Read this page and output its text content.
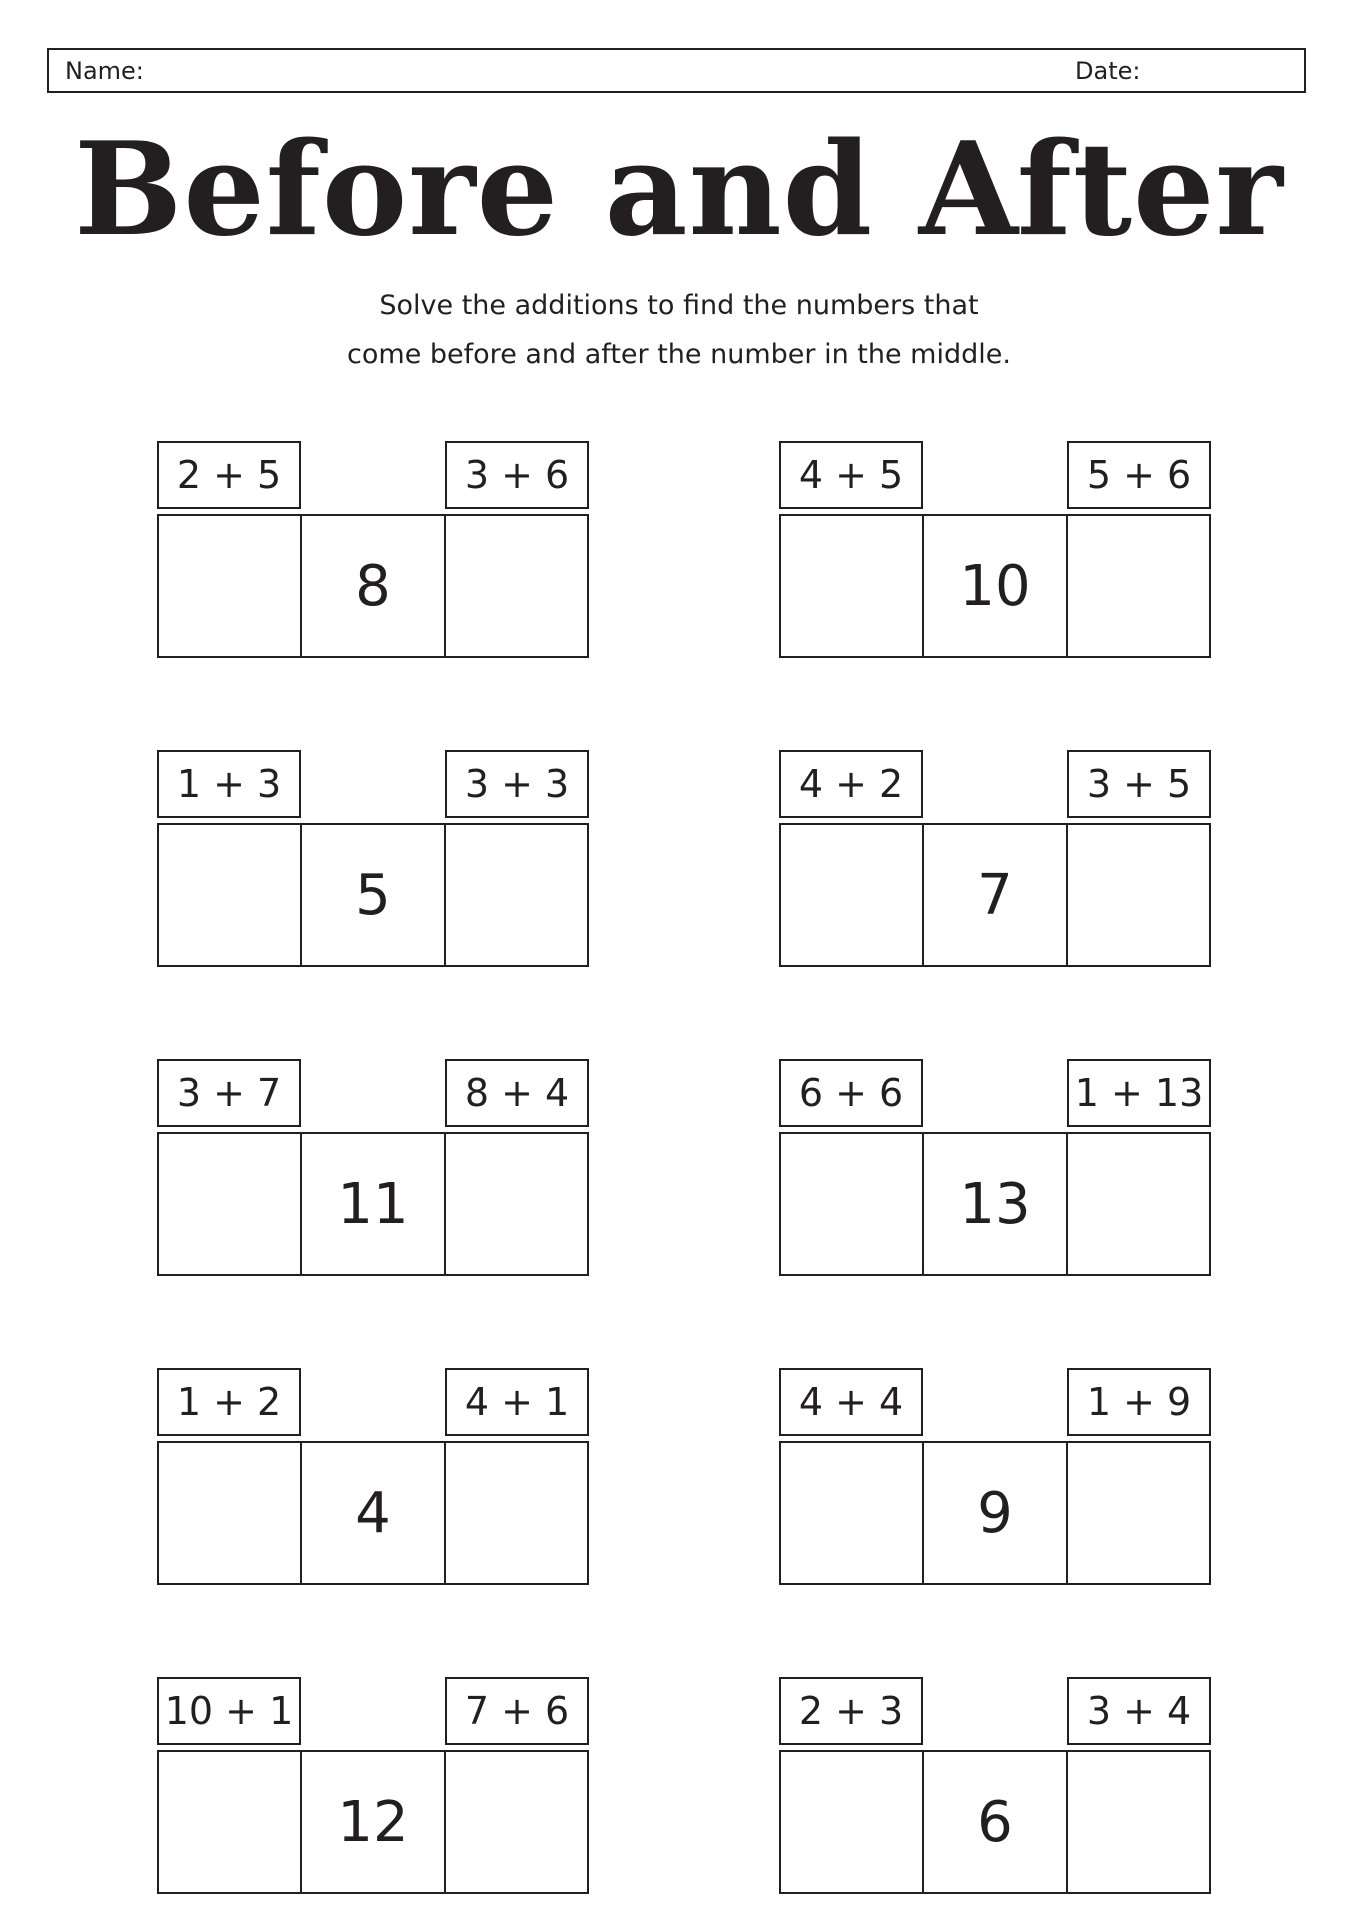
Name:	Date:
Before and After
Solve the additions to find the numbers that
come before and after the number in the middle.
2 + 5	3 + 6
8
4 + 5	5 + 6
10
1 + 3	3 + 3
5
4 + 2	3 + 5
7
3 + 7	8 + 4
11
6 + 6	1 + 13
13
1 + 2	4 + 1
4
4 + 4	1 + 9
9
10 + 1	7 + 6
12
2 + 3	3 + 4
6
